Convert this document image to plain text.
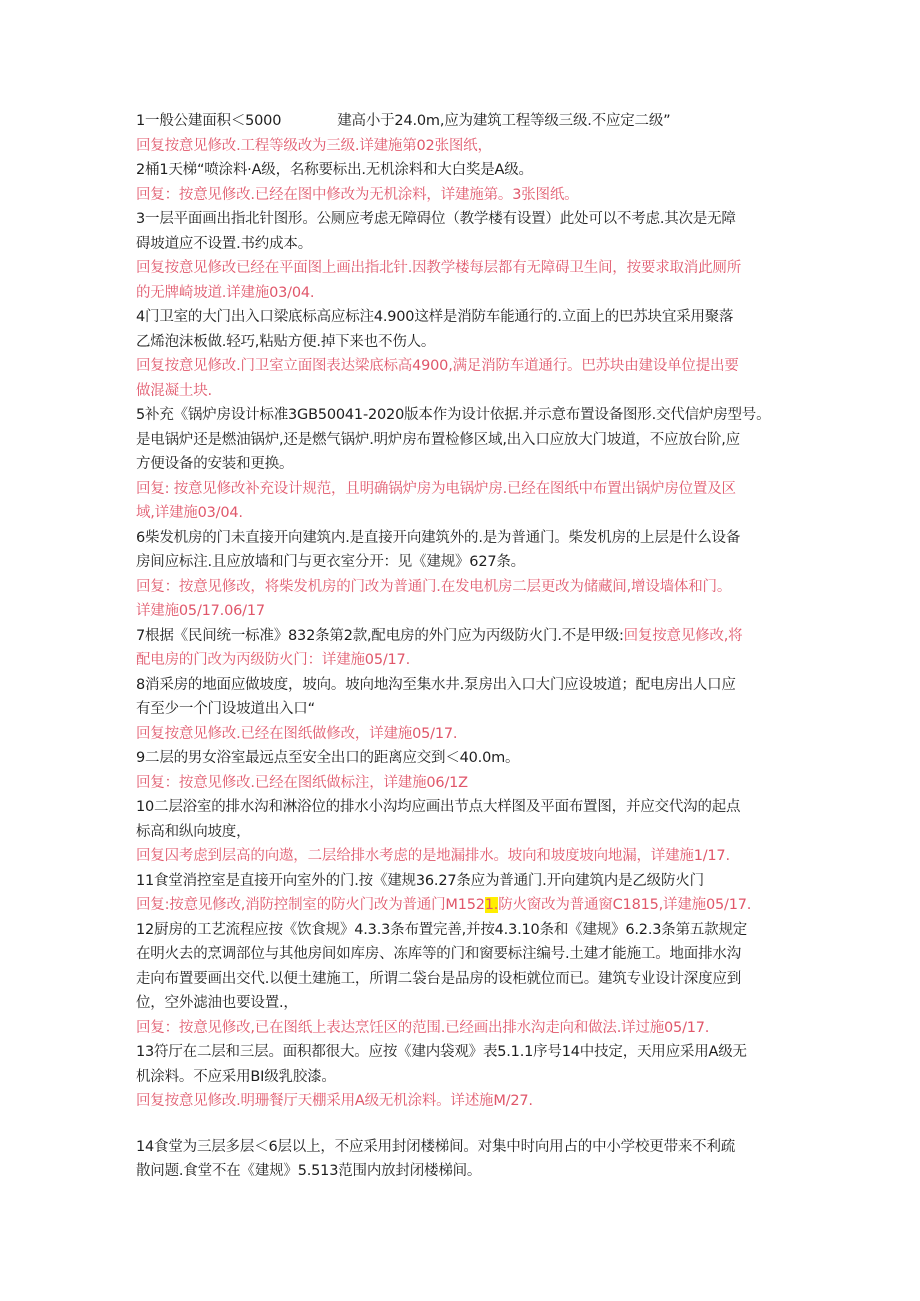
1一般公建面积＜5000	建高小于24.0m,应为建筑工程等级三级.不应定二级”
回复按意见修改.工程等级改为三级.详建施第02张图纸，
2桶1天梯“喷涂料·A级，名称要标出.无机涂料和大白奖是A级。
回复：按意见修改.已经在图中修改为无机涂料，详建施第。3张图纸。
3一层平面画出指北针图形。公厕应考虑无障碍位（教学楼有设置）此处可以不考虑.其次是无障
碍坡道应不设置.书约成本。
回复按意见修改已经在平面图上画出指北针.因教学楼每层都有无障碍卫生间，按要求取消此厕所
的无牌崎坡道.详建施03/04.
4门卫室的大门出入口梁底标高应标注4.900这样是消防车能通行的.立面上的巴苏块宜采用聚落
乙烯泡沫板做.轻巧,粘贴方便.掉下来也不伤人。
回复按意见修改.门卫室立面图表达梁底标高4900,满足消防车道通行。巴苏块由建设单位提出要
做混凝土块.
5补充《锅炉房设计标准3GB50041-2020版本作为设计依据.并示意布置设备图形.交代信炉房型号。
是电锅炉还是燃油锅炉,还是燃气锅炉.明炉房布置检修区域,出入口应放大门坡道，不应放台阶,应
方便设备的安装和更换。
回复: 按意见修改补充设计规范，且明确锅炉房为电锅炉房.已经在图纸中布置出锅炉房位置及区
域,详建施03/04.
6柴发机房的门未直接开向建筑内.是直接开向建筑外的.是为普通门。柴发机房的上层是什么设备
房间应标注.且应放墙和门与更衣室分开：见《建规》627条。
回复：按意见修改，将柴发机房的门改为普通门.在发电机房二层更改为储藏间,增设墙体和门。
详建施05/17.06/17
7根据《民间统一标准》832条第2款,配电房的外门应为丙级防火门.不是甲级:回复按意见修改,将
配电房的门改为丙级防火门：详建施05/17.
8消采房的地面应做坡度，坡向。坡向地沟至集水井.泵房出入口大门应设坡道；配电房出人口应
有至少一个门设坡道出入口“
回复按意见修改.已经在图纸做修改，详建施05/17.
9二层的男女浴室最远点至安全出口的距离应交到＜40.0m。
回复：按意见修改.已经在图纸做标注，详建施06/1Z
10二层浴室的排水沟和淋浴位的排水小沟均应画出节点大样图及平面布置图，并应交代沟的起点
标高和纵向坡度，
回复囚考虑到层高的向遨，二层给排水考虑的是地漏排水。坡向和坡度坡向地漏，详建施1/17.
11食堂消控室是直接开向室外的门.按《建规36.27条应为普通门.开向建筑内是乙级防火门
回复:按意见修改,消防控制室的防火门改为普通门M1521.防火窗改为普通窗C1815,详建施05/17.
12厨房的工艺流程应按《饮食规》4.3.3条布置完善,并按4.3.10条和《建规》6.2.3条第五款规定
在明火去的烹调部位与其他房间如库房、冻库等的门和窗要标注编号.土建才能施工。地面排水沟
走向布置要画出交代.以便土建施工，所谓二袋台是品房的设柜就位而已。建筑专业设计深度应到
位，空外滤油也要设置.，
回复：按意见修改,已在图纸上表达烹饪区的范围.已经画出排水沟走向和做法.详过施05/17.
13符厅在二层和三层。面积都很大。应按《建内袋观》表5.1.1序号14中技定，天用应采用A级无
机涂料。不应采用BI级乳胶漆。
回复按意见修改.明珊餐厅天棚采用A级无机涂料。详述施M/27.
14食堂为三层多层＜6层以上，不应采用封闭楼梯间。对集中时向用占的中小学校更带来不利疏
散问题.食堂不在《建规》5.513范围内放封闭楼梯间。
